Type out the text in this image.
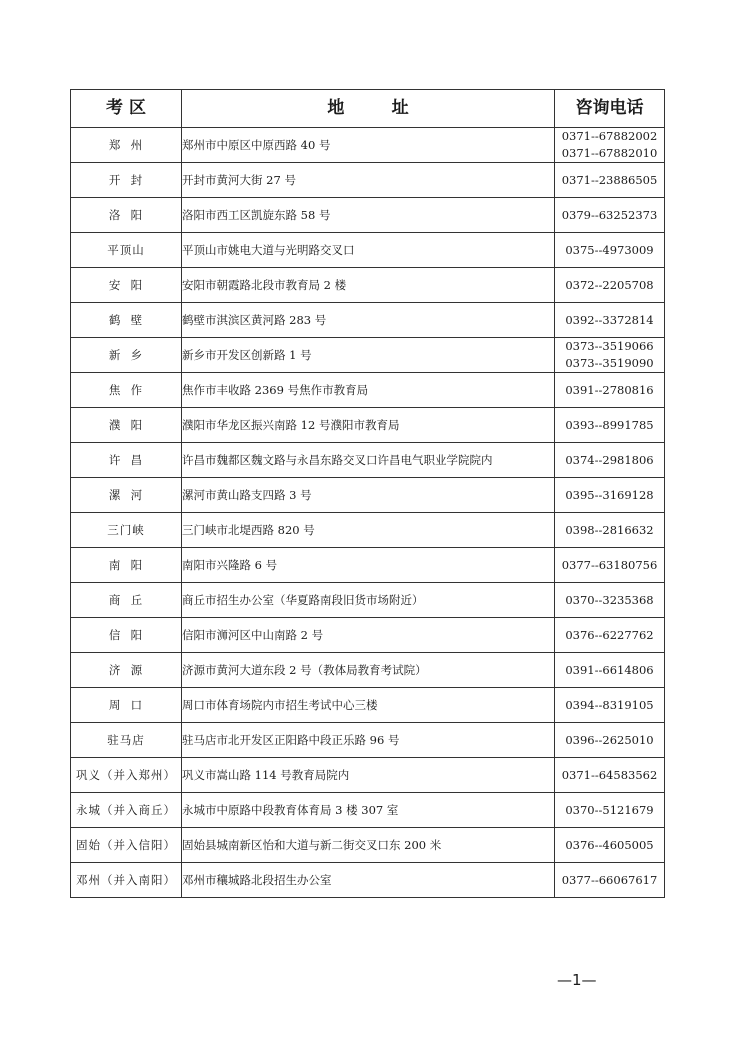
考 区	地        址	咨询电话
郑  州	郑州市中原区中原西路 40 号	0371--67882002
0371--67882010

开  封	开封市黄河大街 27 号	0371--23886505

洛  阳	洛阳市西工区凯旋东路 58 号	0379--63252373

平顶山	平顶山市姚电大道与光明路交叉口	0375--4973009

安  阳	安阳市朝霞路北段市教育局 2 楼	0372--2205708

鹤  壁	鹤壁市淇滨区黄河路 283 号	0392--3372814

新  乡	新乡市开发区创新路 1 号	0373--3519066
0373--3519090

焦  作	焦作市丰收路 2369 号焦作市教育局	0391--2780816

濮  阳	濮阳市华龙区振兴南路 12 号濮阳市教育局	0393--8991785

许  昌	许昌市魏都区魏文路与永昌东路交叉口许昌电气职业学院院内	0374--2981806

漯  河	漯河市黄山路支四路 3 号	0395--3169128

三门峡	三门峡市北堤西路 820 号	0398--2816632

南  阳	南阳市兴隆路 6 号	0377--63180756

商  丘	商丘市招生办公室（华夏路南段旧货市场附近）	0370--3235368

信  阳	信阳市浉河区中山南路 2 号	0376--6227762

济  源	济源市黄河大道东段 2 号（教体局教育考试院）	0391--6614806

周  口	周口市体育场院内市招生考试中心三楼	0394--8319105

驻马店	驻马店市北开发区正阳路中段正乐路 96 号	0396--2625010

巩义（并入郑州）	巩义市嵩山路 114 号教育局院内	0371--64583562

永城（并入商丘）	永城市中原路中段教育体育局 3 楼 307 室	0370--5121679

固始（并入信阳）	固始县城南新区怡和大道与新二街交叉口东 200 米	0376--4605005

邓州（并入南阳）	邓州市穰城路北段招生办公室	0377--66067617
—1—
